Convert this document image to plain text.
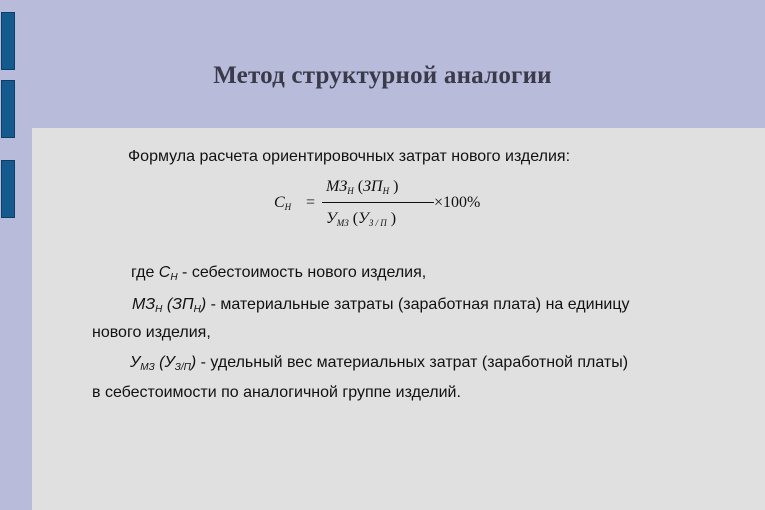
Метод структурной аналогии
Формула расчета ориентировочных затрат нового изделия:
$C_Н$ =
$МЗ_Н$ ($ЗП_Н$ )
$У_{МЗ}$ ($У_{З / П}$ )
×100%
где СН - себестоимость нового изделия,
МЗН (ЗПН) - материальные затраты (заработная плата) на единицу
нового изделия,
УМЗ (УЗ/П) - удельный вес материальных затрат (заработной платы)
в себестоимости по аналогичной группе изделий.
